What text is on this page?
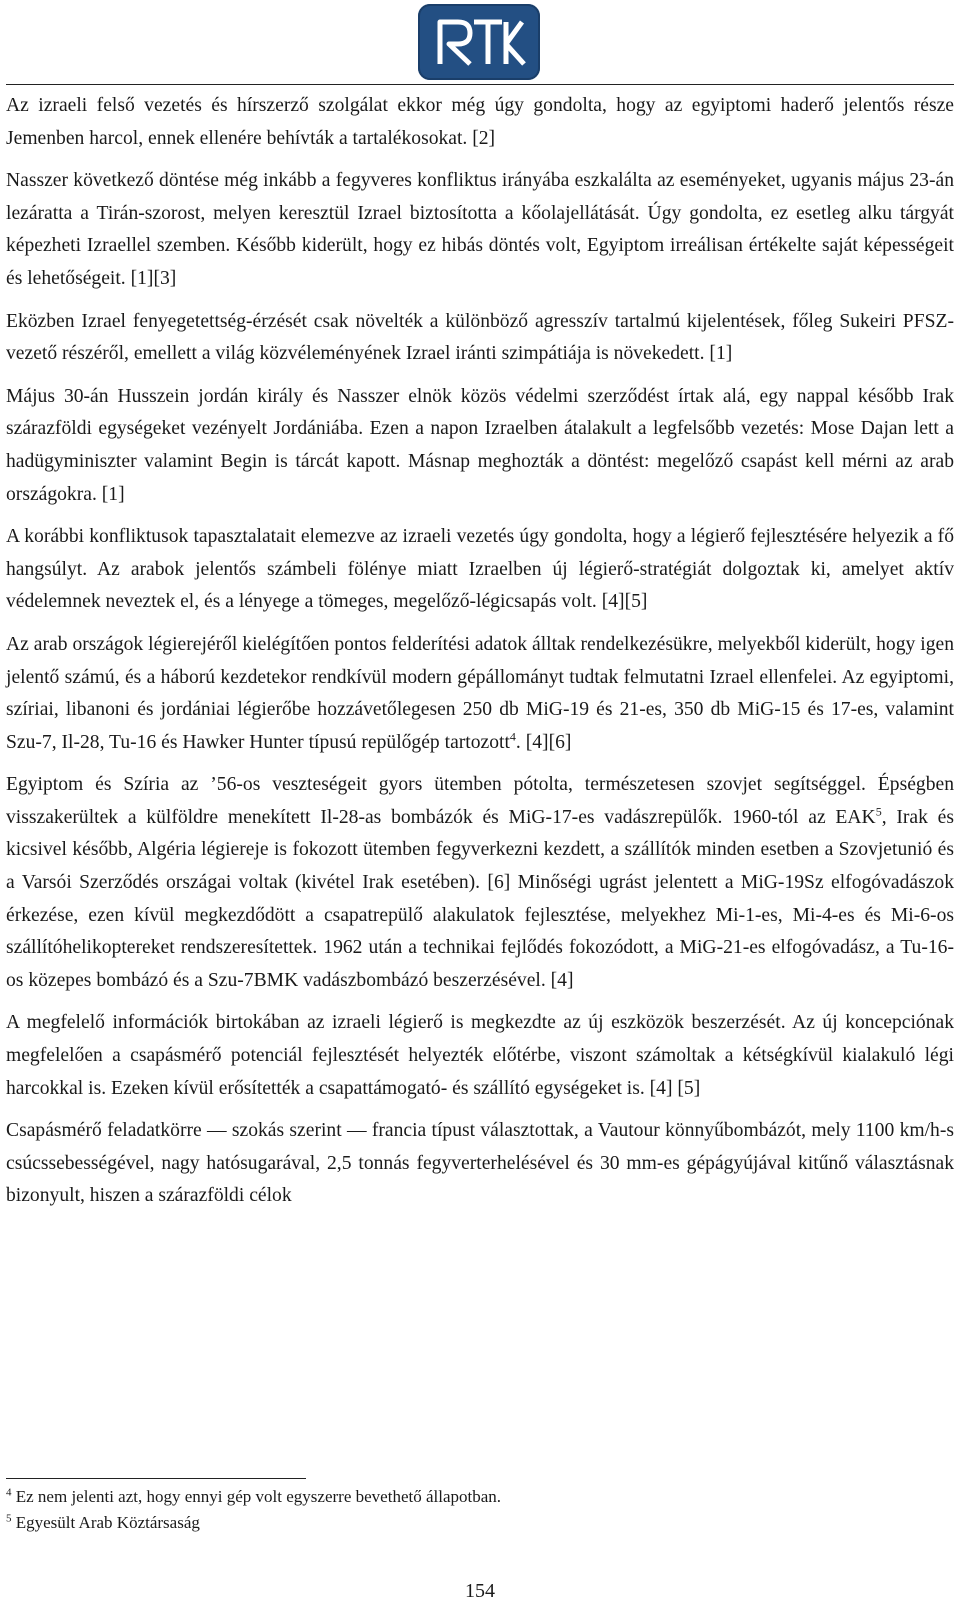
Az izraeli felső vezetés és hírszerző szolgálat ekkor még úgy gondolta, hogy az egyiptomi haderő jelentős része Jemenben harcol, ennek ellenére behívták a tartalékosokat. [2]

Nasszer következő döntése még inkább a fegyveres konfliktus irányába eszkalálta az eseményeket, ugyanis május 23-án lezáratta a Tirán-szorost, melyen keresztül Izrael biztosította a kőolajellátását. Úgy gondolta, ez esetleg alku tárgyát képezheti Izraellel szemben. Később kiderült, hogy ez hibás döntés volt, Egyiptom irreálisan értékelte saját képességeit és lehetőségeit. [1][3]

Eközben Izrael fenyegetettség-érzését csak növelték a különböző agresszív tartalmú kijelentések, főleg Sukeiri PFSZ-vezető részéről, emellett a világ közvéleményének Izrael iránti szimpátiája is növekedett. [1]

Május 30-án Husszein jordán király és Nasszer elnök közös védelmi szerződést írtak alá, egy nappal később Irak szárazföldi egységeket vezényelt Jordániába. Ezen a napon Izraelben átalakult a legfelsőbb vezetés: Mose Dajan lett a hadügyminiszter valamint Begin is tárcát kapott. Másnap meghozták a döntést: megelőző csapást kell mérni az arab országokra. [1]

A korábbi konfliktusok tapasztalatait elemezve az izraeli vezetés úgy gondolta, hogy a légierő fejlesztésére helyezik a fő hangsúlyt. Az arabok jelentős számbeli fölénye miatt Izraelben új légierő-stratégiát dolgoztak ki, amelyet aktív védelemnek neveztek el, és a lényege a tömeges, megelőző-légicsapás volt. [4][5]

Az arab országok légierejéről kielégítően pontos felderítési adatok álltak rendelkezésükre, melyekből kiderült, hogy igen jelentő számú, és a háború kezdetekor rendkívül modern gépállományt tudtak felmutatni Izrael ellenfelei. Az egyiptomi, szíriai, libanoni és jordániai légierőbe hozzávetőlegesen 250 db MiG-19 és 21-es, 350 db MiG-15 és 17-es, valamint Szu-7, Il-28, Tu-16 és Hawker Hunter típusú repülőgép tartozott$^4$. [4][6]

Egyiptom és Szíria az ’56-os veszteségeit gyors ütemben pótolta, természetesen szovjet segítséggel. Épségben visszakerültek a külföldre menekített Il-28-as bombázók és MiG-17-es vadászrepülők. 1960-tól az EAK$^5$, Irak és kicsivel később, Algéria légiereje is fokozott ütemben fegyverkezni kezdett, a szállítók minden esetben a Szovjetunió és a Varsói Szerződés országai voltak (kivétel Irak esetében). [6] Minőségi ugrást jelentett a MiG-19Sz elfogóvadászok érkezése, ezen kívül megkezdődött a csapatrepülő alakulatok fejlesztése, melyekhez Mi-1-es, Mi-4-es és Mi-6-os szállítóhelikoptereket rendszeresítettek. 1962 után a technikai fejlődés fokozódott, a MiG-21-es elfogóvadász, a Tu-16-os közepes bombázó és a Szu-7BMK vadászbombázó beszerzésével. [4]

A megfelelő információk birtokában az izraeli légierő is megkezdte az új eszközök beszerzését. Az új koncepciónak megfelelően a csapásmérő potenciál fejlesztését helyezték előtérbe, viszont számoltak a kétségkívül kialakuló légi harcokkal is. Ezeken kívül erősítették a csapattámogató- és szállító egységeket is. [4] [5]

Csapásmérő feladatkörre — szokás szerint — francia típust választottak, a Vautour könnyűbombázót, mely 1100 km/h-s csúcssebességével, nagy hatósugarával, 2,5 tonnás fegyverterhelésével és 30 mm-es gépágyújával kitűnő választásnak bizonyult, hiszen a szárazföldi célok

$^4$ Ez nem jelenti azt, hogy ennyi gép volt egyszerre bevethető állapotban.
$^5$ Egyesült Arab Köztársaság
154
